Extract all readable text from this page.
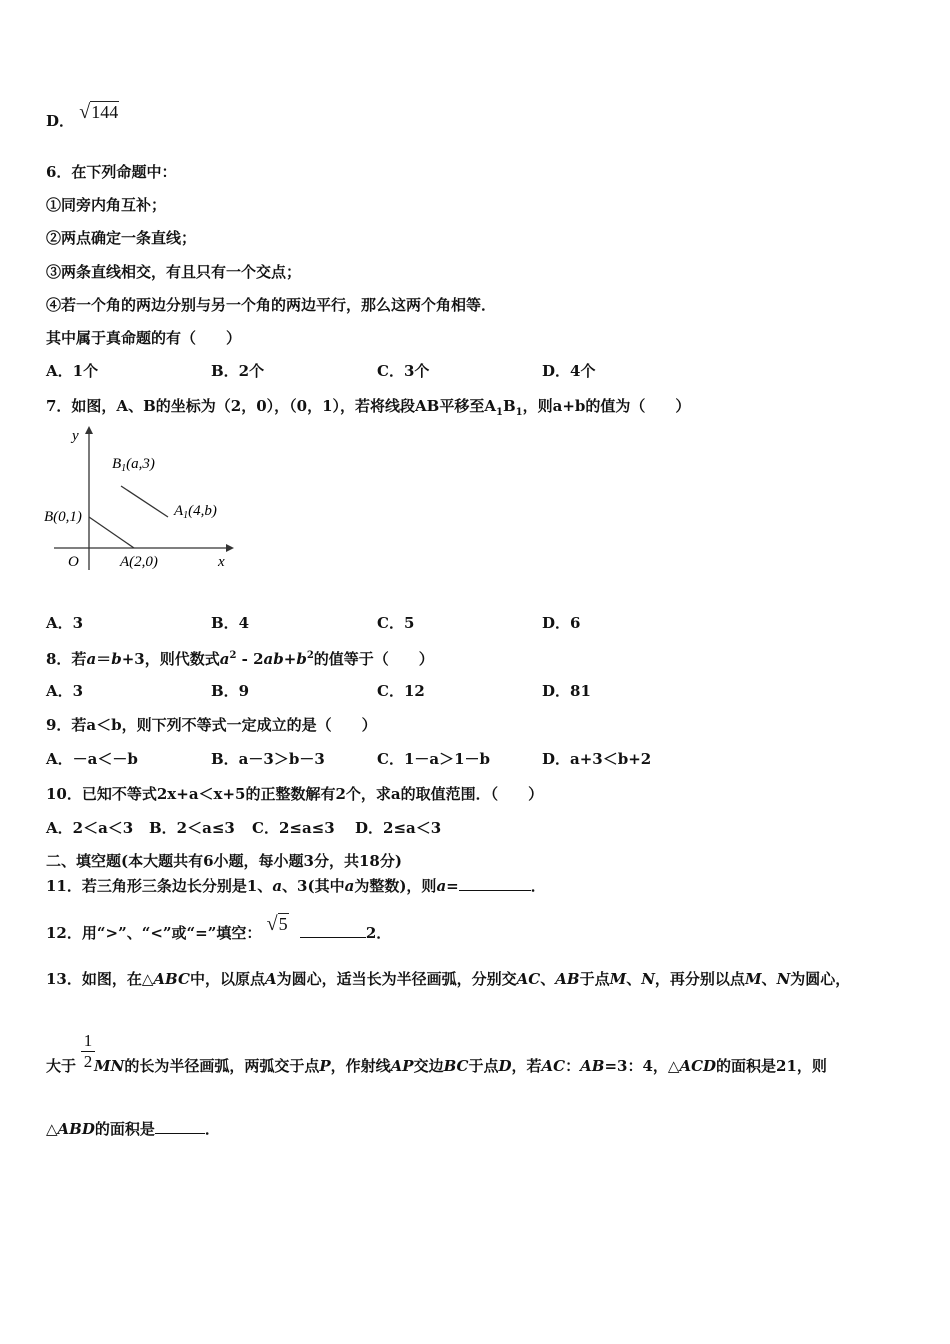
D． √144
6．在下列命题中：
①同旁内角互补；
②两点确定一条直线；
③两条直线相交，有且只有一个交点；
④若一个角的两边分别与另一个角的两边平行，那么这两个角相等．
其中属于真命题的有（　　）
A．1个	B．2个	C．3个	D．4个
7．如图，A、B的坐标为（2，0），（0，1），若将线段AB平移至$A_1B_1$，则a+b的值为（　　）
y
x
O
B(0,1)
A(2,0)
$B_1(a,3)$
$A_1(4,b)$
A．3	B．4	C．5	D．6
8．若a＝b+3，则代数式$a^2 - 2ab+b^2$的值等于（　　）
A．3	B．9	C．12	D．81
9．若a＜b，则下列不等式一定成立的是（　　）
A．－a＜－b	B．a－3＞b－3	C．1－a＞1－b	D．a+3＜b+2
10．已知不等式2x+a＜x+5的正整数解有2个，求a的取值范围．（　　）
A．2＜a＜3 B．2＜a≤3 C．2≤a≤3 D．2≤a＜3
二、填空题(本大题共有6小题，每小题3分，共18分)
11．若三角形三条边长分别是1、a、3(其中a为整数)，则a=	．
12．用“>”、“<”或“=”填空： √5	2．
13．如图，在△ABC中，以原点A为圆心，适当长为半径画弧，分别交AC、AB于点M、N，再分别以点M、N为圆心，
$\frac{1}{2}$
大于 MN的长为半径画弧，两弧交于点P，作射线AP交边BC于点D，若AC：AB=3：4，△ACD的面积是21，则
△ABD的面积是	．
